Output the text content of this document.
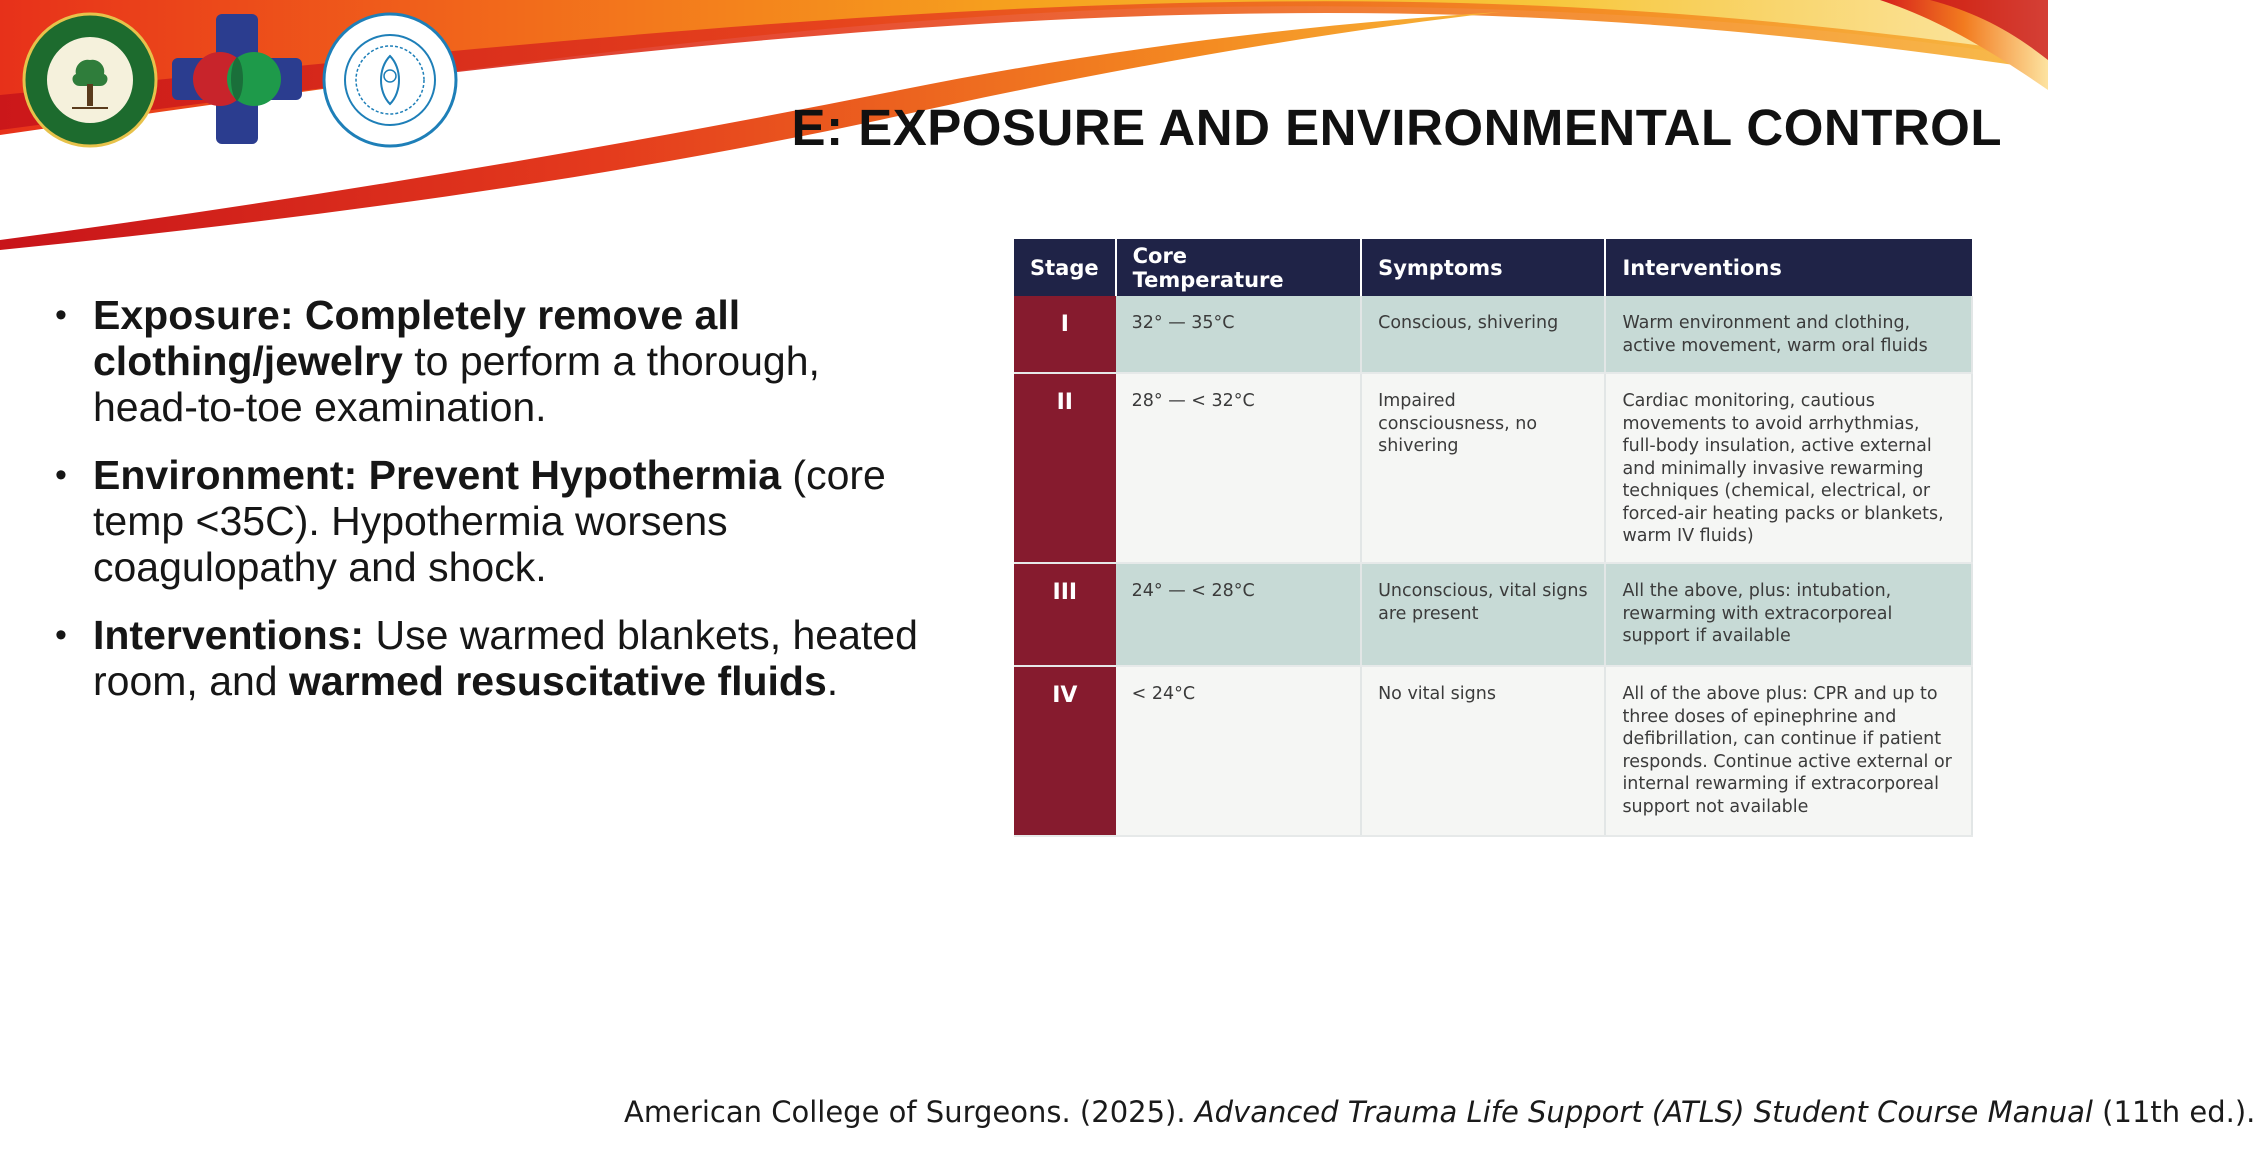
E: EXPOSURE AND ENVIRONMENTAL CONTROL
• Exposure: Completely remove all clothing/jewelry to perform a thorough, head-to-toe examination.
• Environment: Prevent Hypothermia (core temp <35C). Hypothermia worsens coagulopathy and shock.
• Interventions: Use warmed blankets, heated room, and warmed resuscitative fluids.
Stage	Core Temperature	Symptoms	Interventions
I	32° — 35°C	Conscious, shivering	Warm environment and clothing, active movement, warm oral fluids
II	28° — < 32°C	Impaired consciousness, no shivering	Cardiac monitoring, cautious movements to avoid arrhythmias, full-body insulation, active external and minimally invasive rewarming techniques (chemical, electrical, or forced-air heating packs or blankets, warm IV fluids)
III	24° — < 28°C	Unconscious, vital signs are present	All the above, plus: intubation, rewarming with extracorporeal support if available
IV	< 24°C	No vital signs	All of the above plus: CPR and up to three doses of epinephrine and defibrillation, can continue if patient responds. Continue active external or internal rewarming if extracorporeal support not available
American College of Surgeons. (2025). Advanced Trauma Life Support (ATLS) Student Course Manual (11th ed.).
